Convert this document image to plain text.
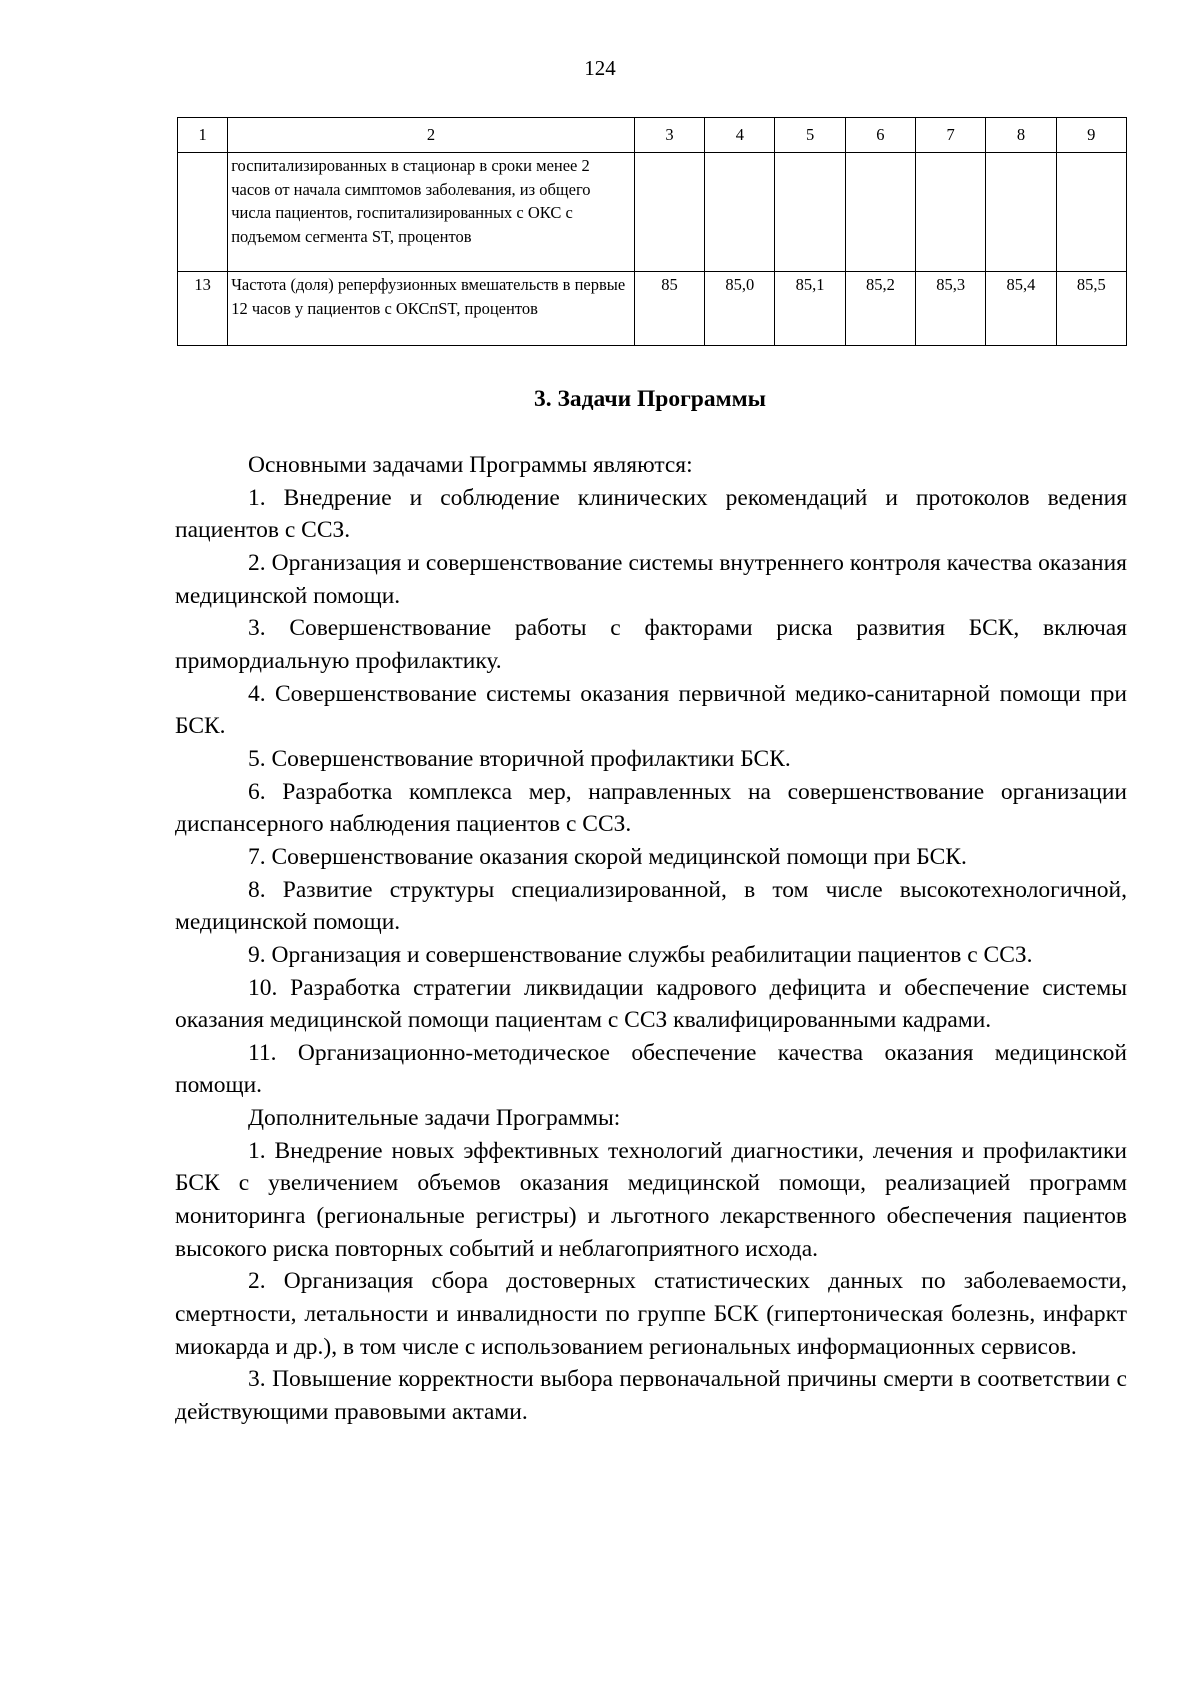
124
1	2	3	4	5	6	7	8	9
	госпитализированных в стационар в сроки менее 2 часов от начала симптомов заболевания, из общего числа пациентов, госпитализированных с ОКС с подъемом сегмента ST, процентов							
13	Частота (доля) реперфузионных вмешательств в первые 12 часов у пациентов с ОКСпST, процентов	85	85,0	85,1	85,2	85,3	85,4	85,5
3. Задачи Программы

Основными задачами Программы являются:

1. Внедрение и соблюдение клинических рекомендаций и протоколов ведения пациентов с ССЗ.

2. Организация и совершенствование системы внутреннего контроля качества оказания медицинской помощи.

3. Совершенствование работы с факторами риска развития БСК, включая примордиальную профилактику.

4. Совершенствование системы оказания первичной медико-санитарной помощи при БСК.

5. Совершенствование вторичной профилактики БСК.

6. Разработка комплекса мер, направленных на совершенствование организации диспансерного наблюдения пациентов с ССЗ.

7. Совершенствование оказания скорой медицинской помощи при БСК.

8. Развитие структуры специализированной, в том числе высокотехнологичной, медицинской помощи.

9. Организация и совершенствование службы реабилитации пациентов с ССЗ.

10. Разработка стратегии ликвидации кадрового дефицита и обеспечение системы оказания медицинской помощи пациентам с ССЗ квалифицированными кадрами.

11. Организационно-методическое обеспечение качества оказания медицинской помощи.

Дополнительные задачи Программы:

1. Внедрение новых эффективных технологий диагностики, лечения и профилактики БСК с увеличением объемов оказания медицинской помощи, реализацией программ мониторинга (региональные регистры) и льготного лекарственного обеспечения пациентов высокого риска повторных событий и неблагоприятного исхода.

2. Организация сбора достоверных статистических данных по заболеваемости, смертности, летальности и инвалидности по группе БСК (гипертоническая болезнь, инфаркт миокарда и др.), в том числе с использованием региональных информационных сервисов.

3. Повышение корректности выбора первоначальной причины смерти в соответствии с действующими правовыми актами.
